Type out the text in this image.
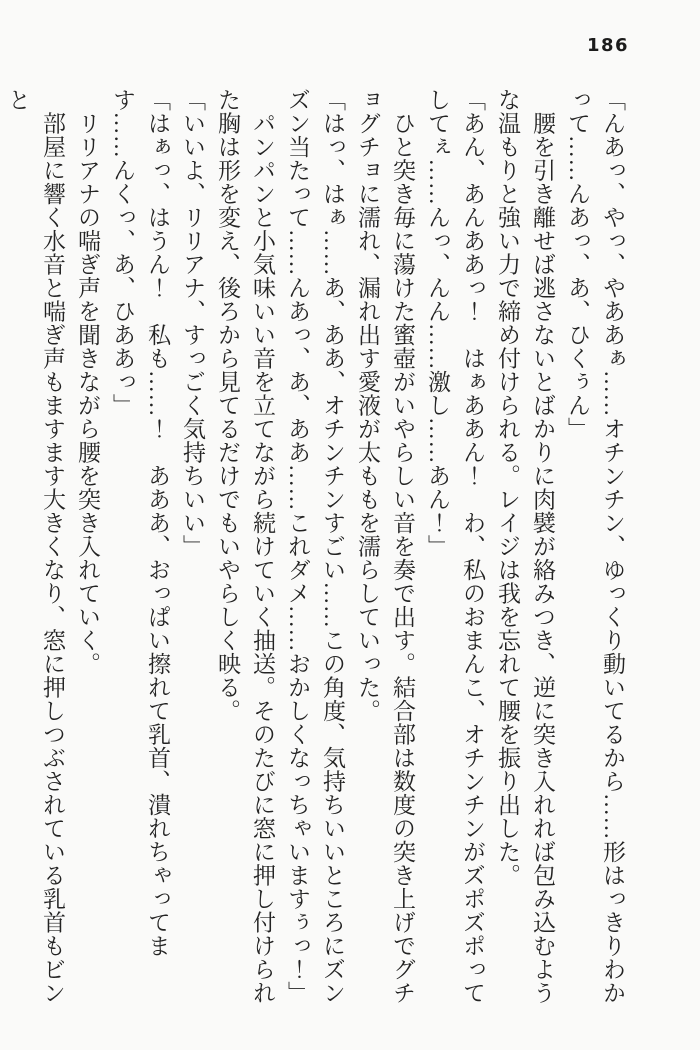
186

「んあっ、やっ、やああぁ……オチンチン、ゆっくり動いてるから……形はっきりわかって……んあっ、あ、ひくぅん」

　腰を引き離せば逃さないとばかりに肉襞が絡みつき、逆に突き入れれば包み込むような温もりと強い力で締め付けられる。レイジは我を忘れて腰を振り出した。

「あん、あんああっ！　はぁああん！　わ、私のおまんこ、オチンチンがズポズポってしてぇ……んっ、んん……激し……あん！」

　ひと突き毎に蕩けた蜜壺がいやらしい音を奏で出す。結合部は数度の突き上げでグチョグチョに濡れ、漏れ出す愛液が太ももを濡らしていった。

「はっ、はぁ……あ、ああ、オチンチンすごい……この角度、気持ちいいところにズンズン当たって……んあっ、あ、ああ……これダメ……おかしくなっちゃいますぅっ！」

　パンパンと小気味いい音を立てながら続けていく抽送。そのたびに窓に押し付けられた胸は形を変え、後ろから見てるだけでもいやらしく映る。

「いいよ、リリアナ、すっごく気持ちいい」

「はぁっ、はうん！　私も……！　あああ、おっぱい擦れて乳首、潰れちゃってます……んくっ、あ、ひああっ」

　リリアナの喘ぎ声を聞きながら腰を突き入れていく。

　部屋に響く水音と喘ぎ声もますます大きくなり、窓に押しつぶされている乳首もビンと
